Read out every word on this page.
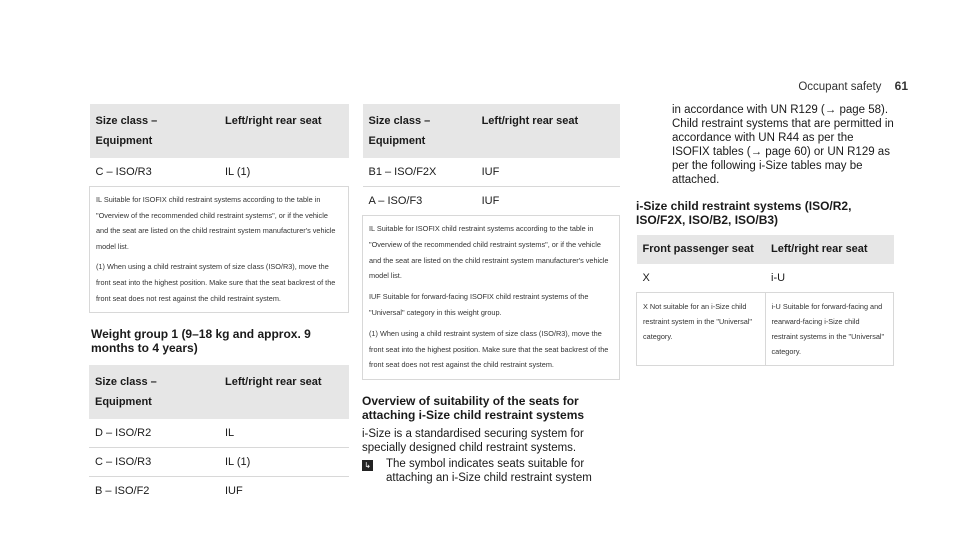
Occupant safety 61
Size class –
Equipment	Left/right rear seat
C – ISO/R3	IL (1)

IL Suitable for ISOFIX child restraint systems according to the table in "Overview of the recommended child restraint systems", or if the vehicle and the seat are listed on the child restraint system manufacturer's vehicle model list.

(1) When using a child restraint system of size class (ISO/R3), move the front seat into the highest position. Make sure that the seat backrest of the front seat does not rest against the child restraint system.	

Weight group 1 (9–18 kg and approx. 9 months to 4 years)
Size class –
Equipment	Left/right rear seat
D – ISO/R2	IL
C – ISO/R3	IL (1)
B – ISO/F2	IUF
Size class –
Equipment	Left/right rear seat
B1 – ISO/F2X	IUF
A – ISO/F3	IUF

IL Suitable for ISOFIX child restraint systems according to the table in "Overview of the recommended child restraint systems", or if the vehicle and the seat are listed on the child restraint system manufacturer's vehicle model list.

IUF Suitable for forward-facing ISOFIX child restraint systems of the "Universal" category in this weight group.

(1) When using a child restraint system of size class (ISO/R3), move the front seat into the highest position. Make sure that the seat backrest of the front seat does not rest against the child restraint system.	

Overview of suitability of the seats for attaching i-Size child restraint systems
i-Size is a standardised securing system for specially designed child restraint systems.
↳	The symbol indicates seats suitable for attaching an i-Size child restraint system
in accordance with UN R129 (→ page 58).
Child restraint systems that are permitted in accordance with UN R44 as per the ISOFIX tables (→ page 60) or UN R129 as per the following i-Size tables may be attached.
i-Size child restraint systems (ISO/R2, ISO/F2X, ISO/B2, ISO/B3)
Front passenger seat	Left/right rear seat
X	i-U
X Not suitable for an i-Size child restraint system in the "Universal" category.	i-U Suitable for forward-facing and rearward-facing i-Size child restraint systems in the "Universal" category.
